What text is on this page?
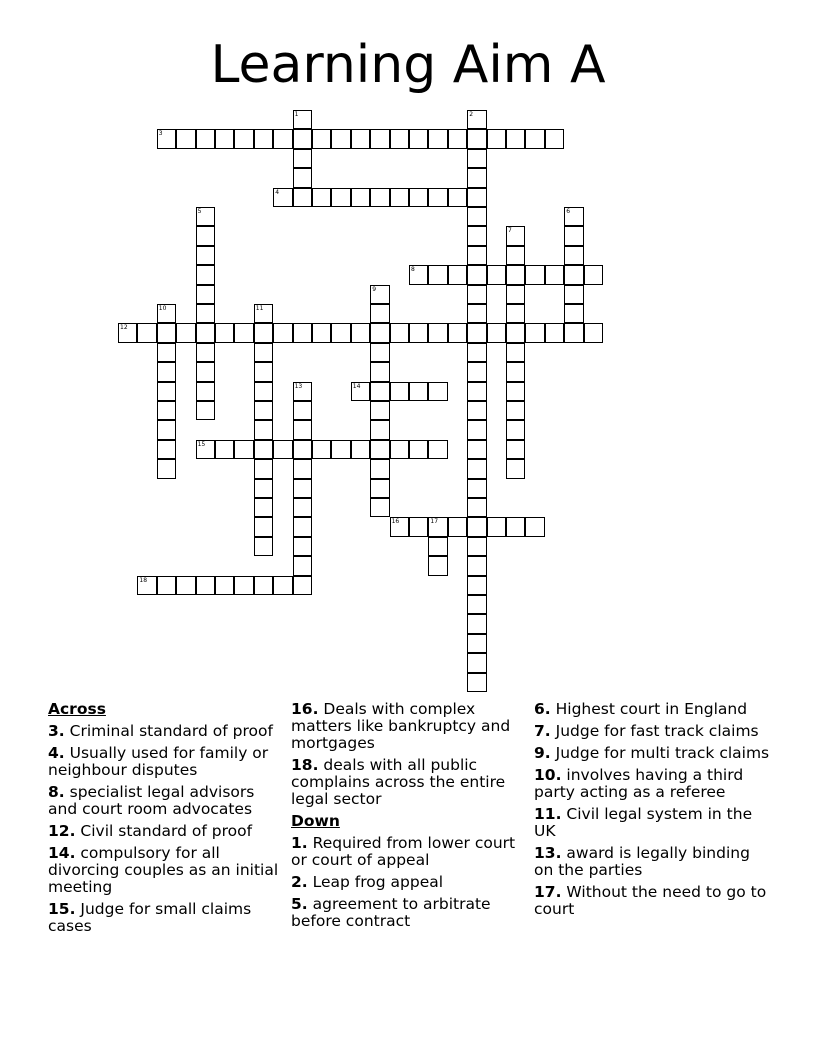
Learning Aim A
1	2
3
4
5	6
7
8
9
10	11
12
13	14
15
16	17
18
Across
3. Criminal standard of proof
4. Usually used for family or neighbour disputes
8. specialist legal advisors and court room advocates
12. Civil standard of proof
14. compulsory for all divorcing couples as an initial meeting
15. Judge for small claims cases
16. Deals with complex matters like bankruptcy and mortgages
18. deals with all public complains across the entire legal sector
Down
1. Required from lower court or court of appeal
2. Leap frog appeal
5. agreement to arbitrate before contract
6. Highest court in England
7. Judge for fast track claims
9. Judge for multi track claims
10. involves having a third party acting as a referee
11. Civil legal system in the UK
13. award is legally binding on the parties
17. Without the need to go to court
